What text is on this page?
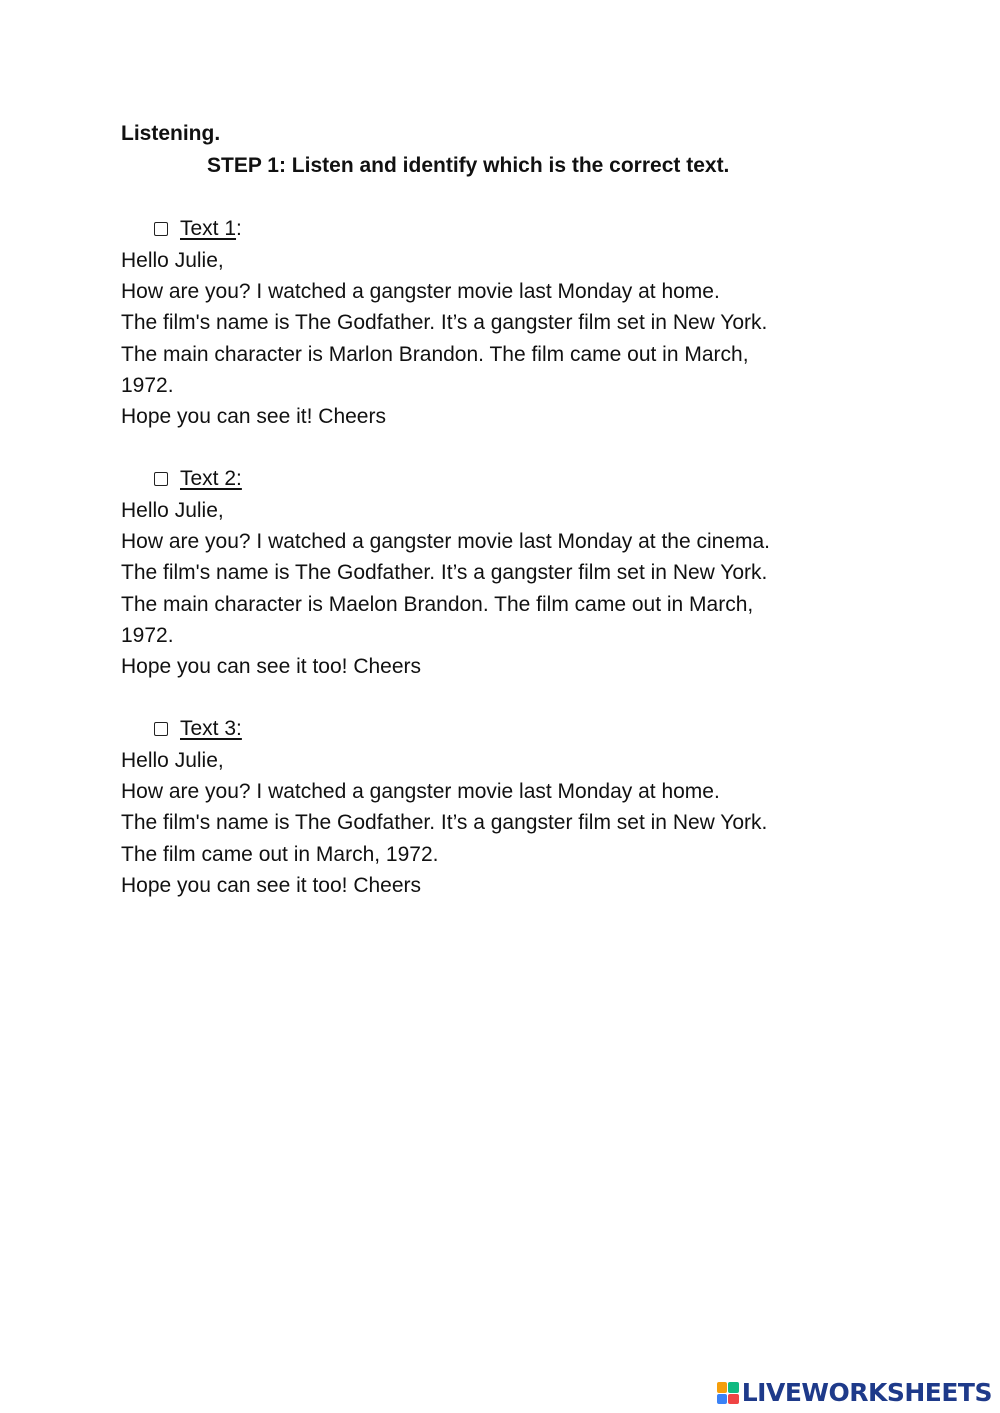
Listening.

STEP 1: Listen and identify which is the correct text.

Text 1 :
Hello Julie,
How are you? I watched a gangster movie last Monday at home.
The film's name is The Godfather. It’s a gangster film set in New York.
The main character is Marlon Brandon. The film came out in March,
1972.
Hope you can see it! Cheers
Text 2:
Hello Julie,
How are you? I watched a gangster movie last Monday at the cinema.
The film's name is The Godfather. It’s a gangster film set in New York.
The main character is Maelon Brandon. The film came out in March,
1972.
Hope you can see it too! Cheers
Text 3:
Hello Julie,
How are you? I watched a gangster movie last Monday at home.
The film's name is The Godfather. It’s a gangster film set in New York.
The film came out in March, 1972.
Hope you can see it too! Cheers
LIVEWORKSHEETS
